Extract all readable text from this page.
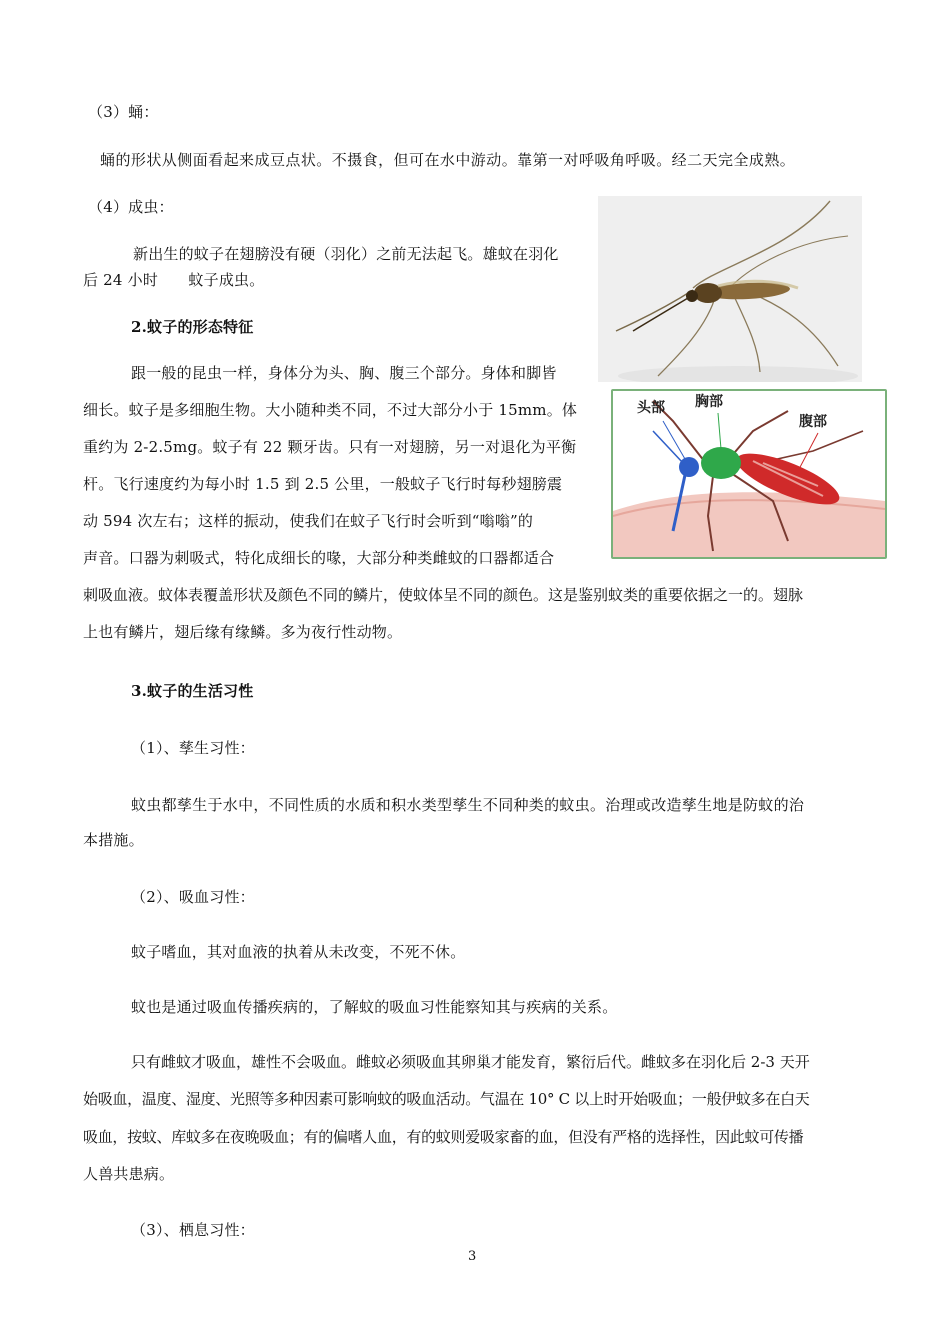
（3）蛹：
蛹的形状从侧面看起来成豆点状。不摄食，但可在水中游动。靠第一对呼吸角呼吸。经二天完全成熟。
（4）成虫：
新出生的蚊子在翅膀没有硬（羽化）之前无法起飞。雄蚊在羽化
后 24 小时　　蚊子成虫。
2.蚊子的形态特征
跟一般的昆虫一样，身体分为头、胸、腹三个部分。身体和脚皆
细长。蚊子是多细胞生物。大小随种类不同，不过大部分小于 15mm。体
重约为 2-2.5mg。蚊子有 22 颗牙齿。只有一对翅膀，另一对退化为平衡
杆。飞行速度约为每小时 1.5 到 2.5 公里，一般蚊子飞行时每秒翅膀震
动 594 次左右；这样的振动，使我们在蚊子飞行时会听到“嗡嗡”的
声音。口器为刺吸式，特化成细长的喙，大部分种类雌蚊的口器都适合
刺吸血液。蚊体表覆盖形状及颜色不同的鳞片，使蚊体呈不同的颜色。这是鉴别蚊类的重要依据之一的。翅脉
上也有鳞片，翅后缘有缘鳞。多为夜行性动物。
头部 胸部
腹部
3.蚊子的生活习性
（1）、孳生习性：
蚊虫都孳生于水中，不同性质的水质和积水类型孳生不同种类的蚊虫。治理或改造孳生地是防蚊的治
本措施。
（2）、吸血习性：
蚊子嗜血，其对血液的执着从未改变，不死不休。
蚊也是通过吸血传播疾病的，了解蚊的吸血习性能察知其与疾病的关系。
只有雌蚊才吸血，雄性不会吸血。雌蚊必须吸血其卵巢才能发育，繁衍后代。雌蚊多在羽化后 2-3 天开
始吸血，温度、湿度、光照等多种因素可影响蚊的吸血活动。气温在 10° C 以上时开始吸血；一般伊蚊多在白天
吸血，按蚊、库蚊多在夜晚吸血；有的偏嗜人血，有的蚊则爱吸家畜的血，但没有严格的选择性，因此蚊可传播
人兽共患病。
（3）、栖息习性：
3
